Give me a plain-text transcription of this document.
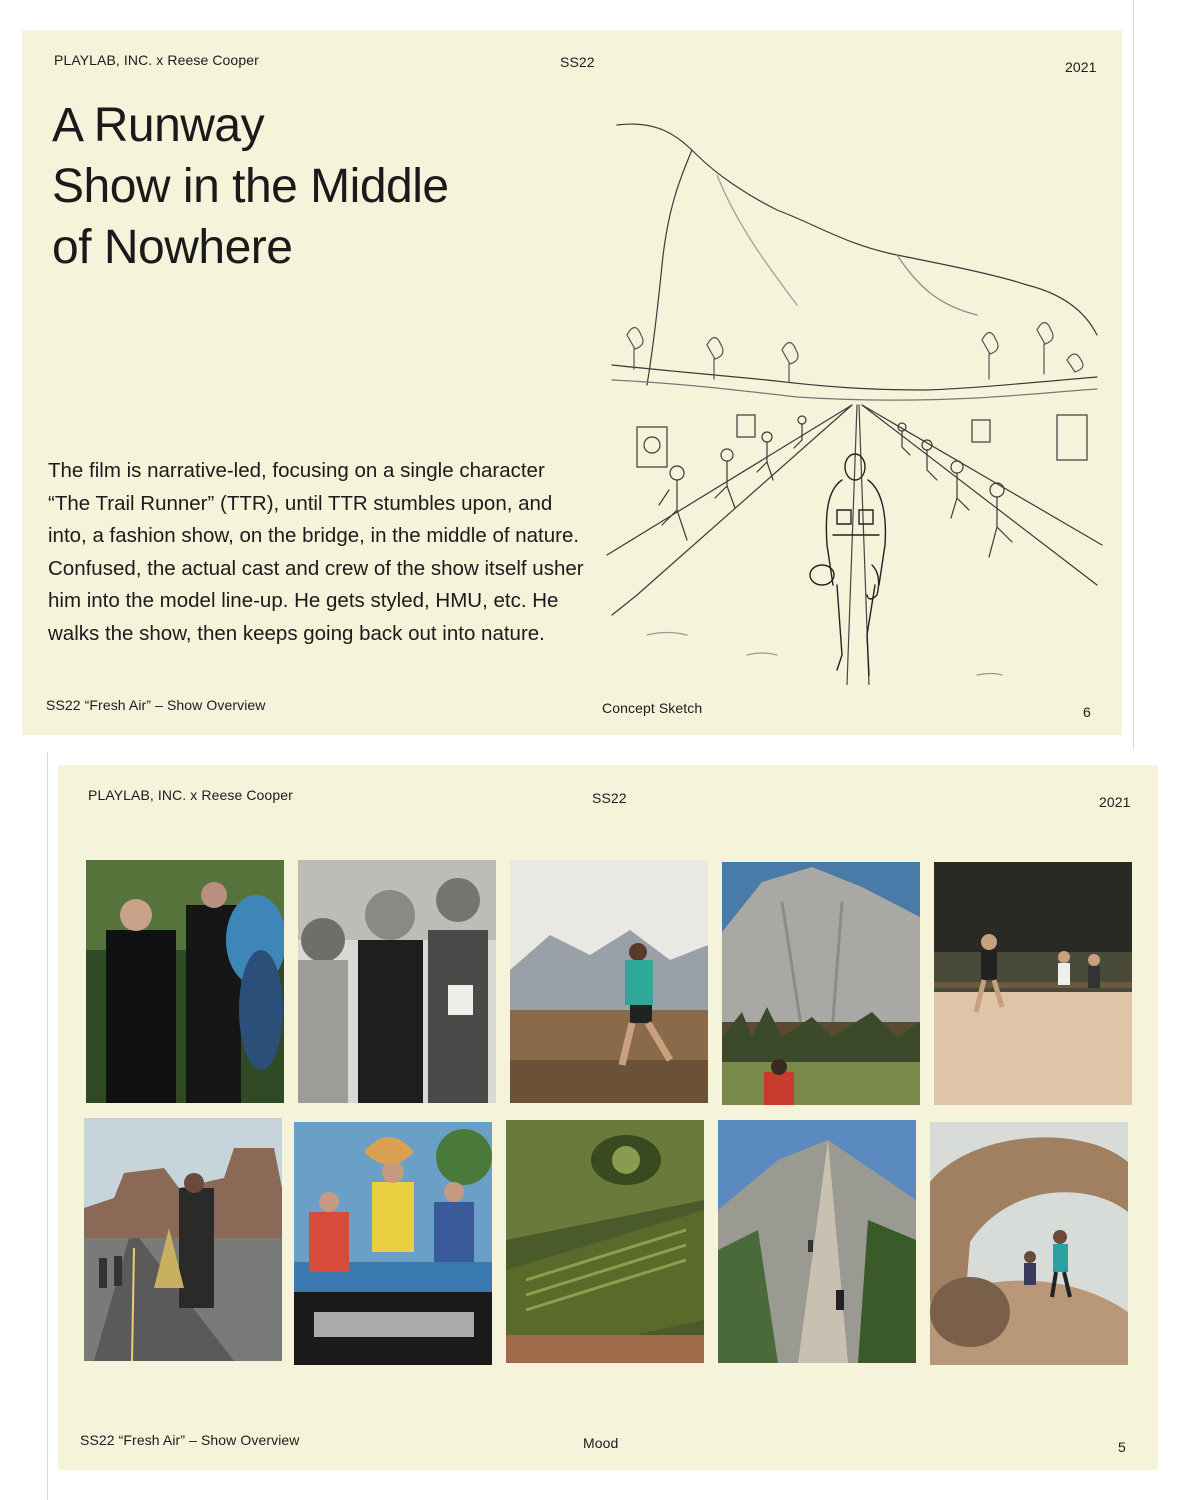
PLAYLAB, INC. x Reese Cooper	SS22	2021
A Runway
Show in the Middle
of Nowhere
The film is narrative-led, focusing on a single character “The Trail Runner” (TTR), until TTR stumbles upon, and into, a fashion show, on the bridge, in the middle of nature. Confused, the actual cast and crew of the show itself usher him into the model line-up. He gets styled, HMU, etc. He walks the show, then keeps going back out into nature.
SS22 “Fresh Air” – Show Overview	Concept Sketch	6
PLAYLAB, INC. x Reese Cooper	SS22	2021
SS22 “Fresh Air” – Show Overview	Mood	5
